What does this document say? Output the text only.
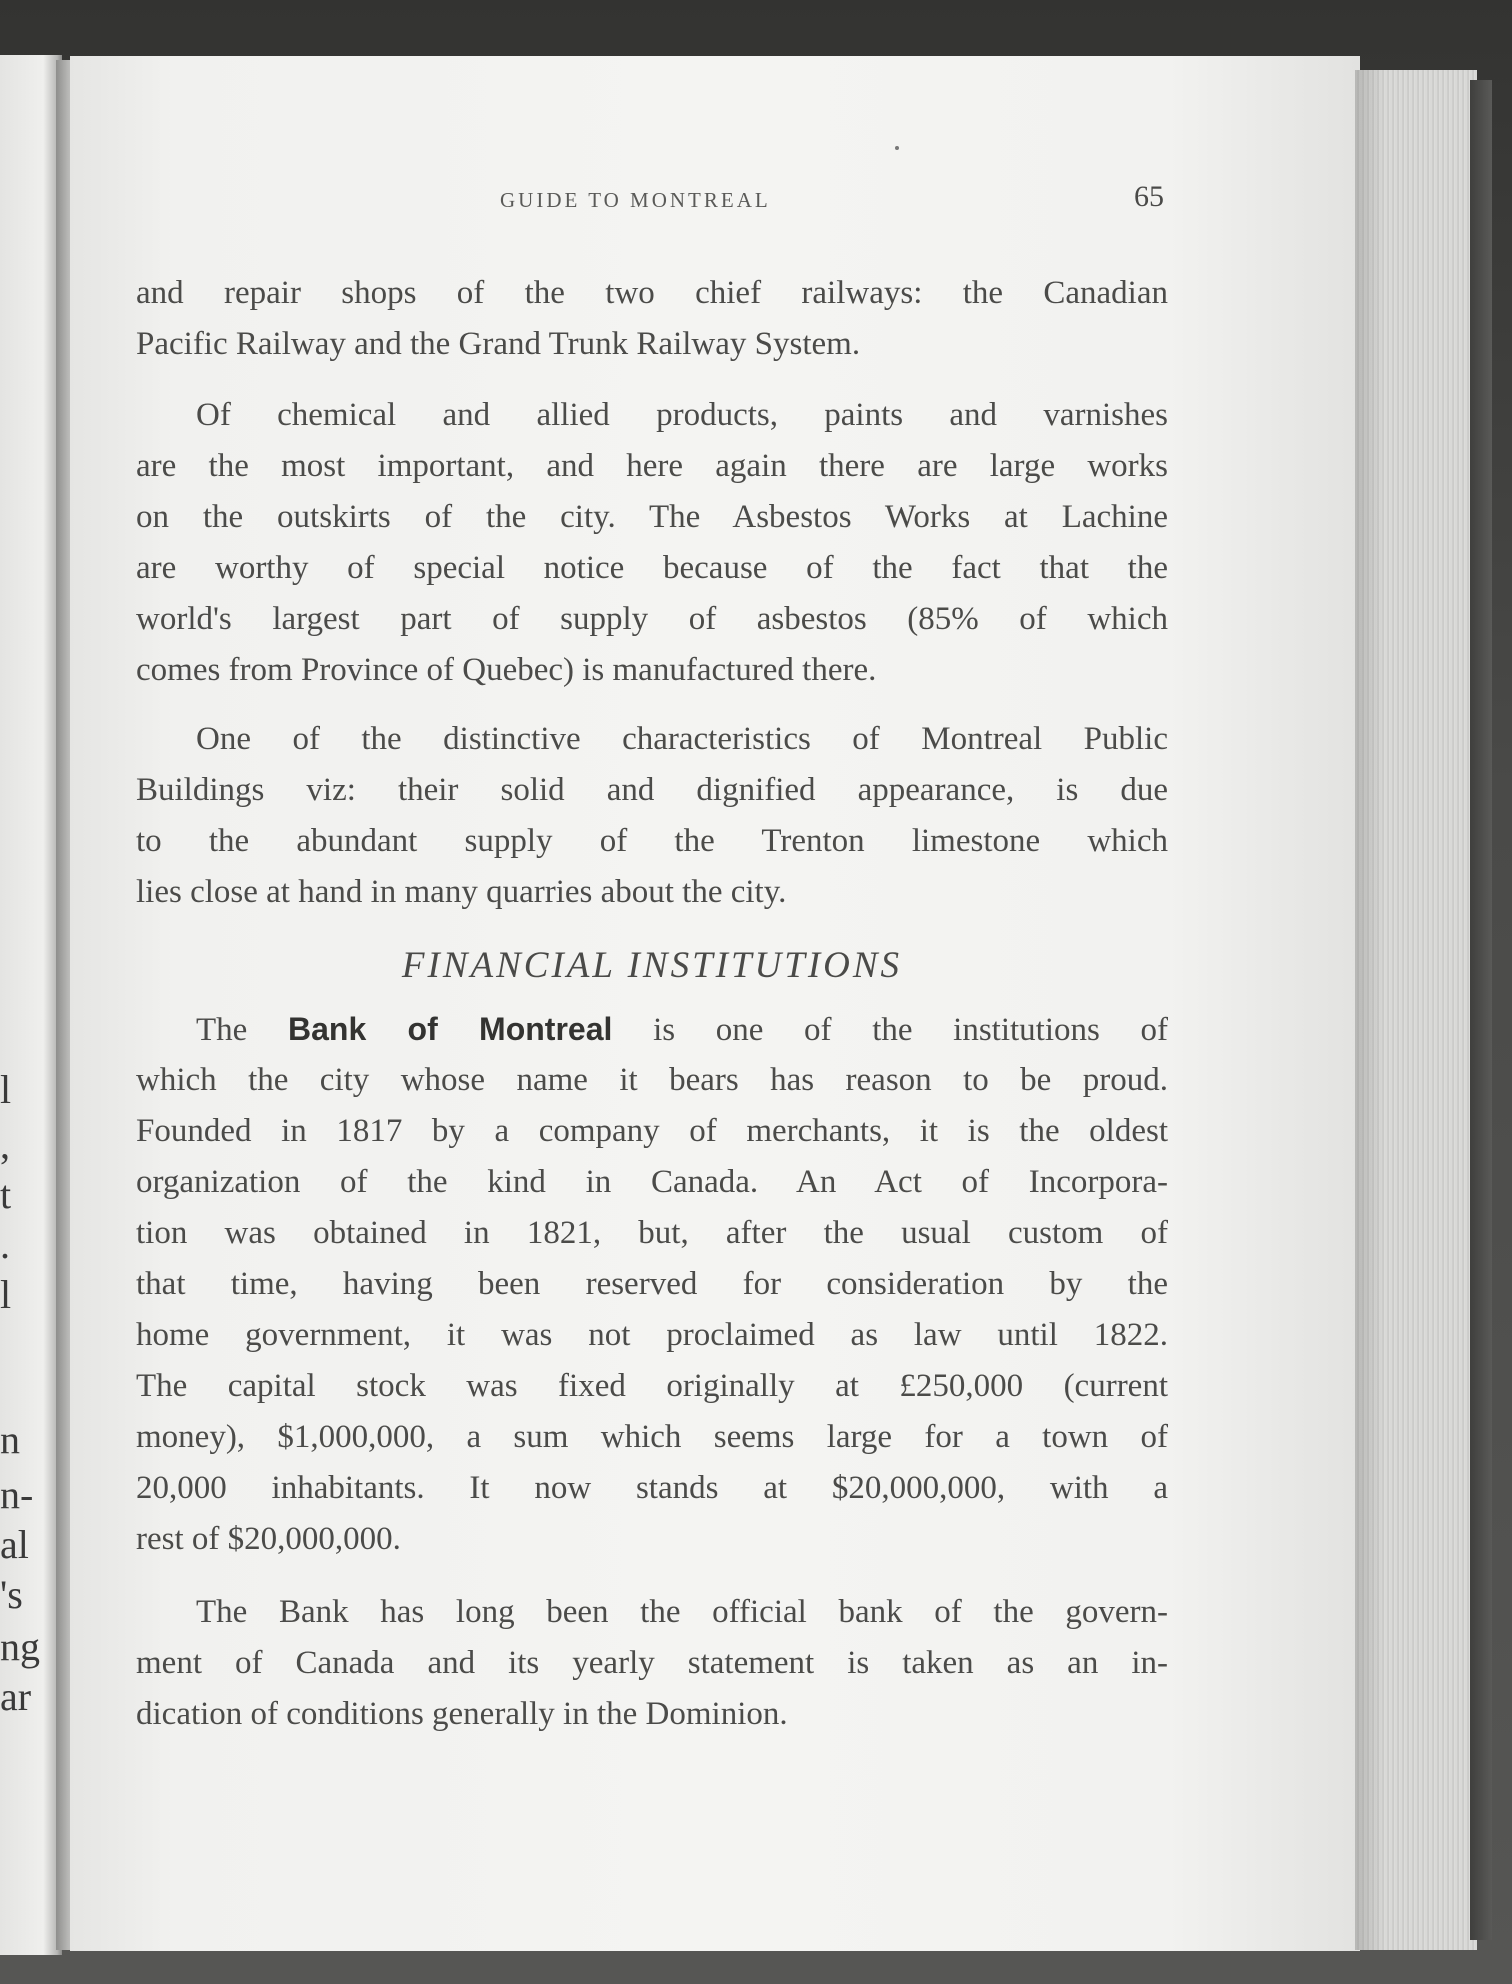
l
,
t
.
l
n
n-
al
's
ng
ar
GUIDE TO MONTREAL	65
and repair shops of the two chief railways: the Canadian
Pacific Railway and the Grand Trunk Railway System.
Of chemical and allied products, paints and varnishes
are the most important, and here again there are large works
on the outskirts of the city. The Asbestos Works at Lachine
are worthy of special notice because of the fact that the
world's largest part of supply of asbestos (85% of which
comes from Province of Quebec) is manufactured there.
One of the distinctive characteristics of Montreal Public
Buildings viz: their solid and dignified appearance, is due
to the abundant supply of the Trenton limestone which
lies close at hand in many quarries about the city.
FINANCIAL INSTITUTIONS
The Bank of Montreal is one of the institutions of
which the city whose name it bears has reason to be proud.
Founded in 1817 by a company of merchants, it is the oldest
organization of the kind in Canada. An Act of Incorpora-
tion was obtained in 1821, but, after the usual custom of
that time, having been reserved for consideration by the
home government, it was not proclaimed as law until 1822.
The capital stock was fixed originally at £250,000 (current
money), $1,000,000, a sum which seems large for a town of
20,000 inhabitants. It now stands at $20,000,000, with a
rest of $20,000,000.
The Bank has long been the official bank of the govern-
ment of Canada and its yearly statement is taken as an in-
dication of conditions generally in the Dominion.
